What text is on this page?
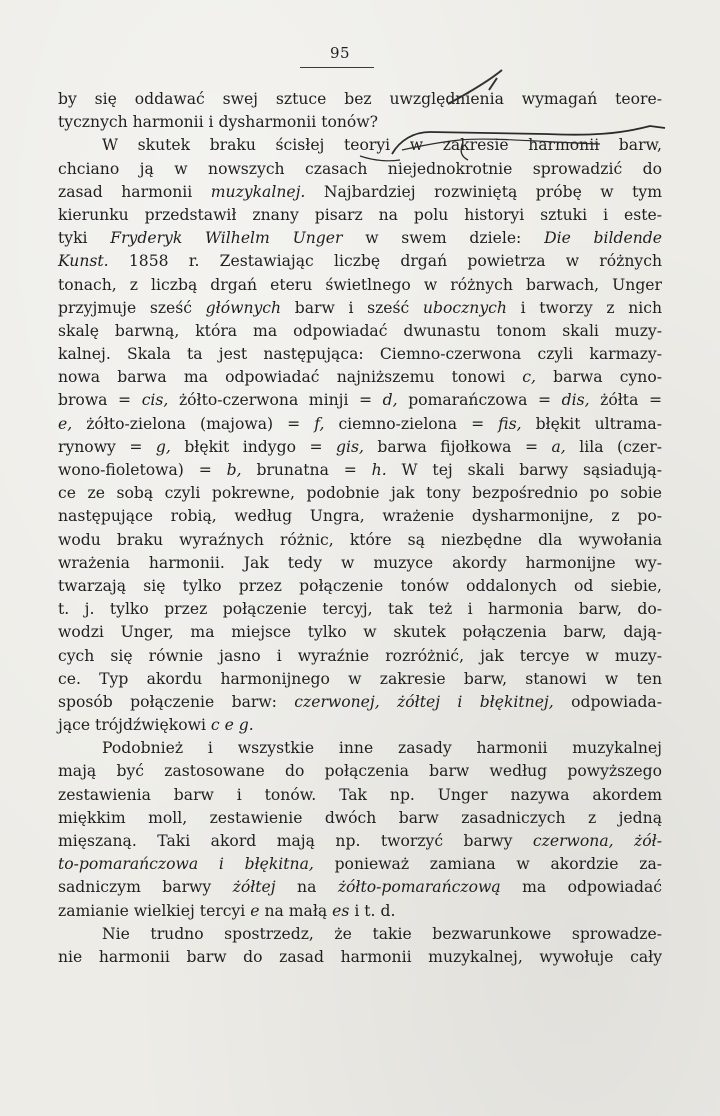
95
by się oddawać swej sztuce bez uwzględnienia wymagań teore-
tycznych harmonii i dysharmonii tonów?
W skutek braku ścisłej teoryi w zakresie harmonii barw,
chciano ją w nowszych czasach niejednokrotnie sprowadzić do
zasad harmonii muzykalnej. Najbardziej rozwiniętą próbę w tym
kierunku przedstawił znany pisarz na polu historyi sztuki i este-
tyki Fryderyk Wilhelm Unger w swem dziele: Die bildende
Kunst. 1858 r. Zestawiając liczbę drgań powietrza w różnych
tonach, z liczbą drgań eteru świetlnego w różnych barwach, Unger
przyjmuje sześć głównych barw i sześć ubocznych i tworzy z nich
skalę barwną, która ma odpowiadać dwunastu tonom skali muzy-
kalnej. Skala ta jest następująca: Ciemno-czerwona czyli karmazy-
nowa barwa ma odpowiadać najniższemu tonowi c, barwa cyno-
browa = cis, żółto-czerwona minji = d, pomarańczowa = dis, żółta =
e, żółto-zielona (majowa) = f, ciemno-zielona = fis, błękit ultrama-
rynowy = g, błękit indygo = gis, barwa fijołkowa = a, lila (czer-
wono-fioletowa) = b, brunatna = h. W tej skali barwy sąsiadują-
ce ze sobą czyli pokrewne, podobnie jak tony bezpośrednio po sobie
następujące robią, według Ungra, wrażenie dysharmonijne, z po-
wodu braku wyraźnych różnic, które są niezbędne dla wywołania
wrażenia harmonii. Jak tedy w muzyce akordy harmonijne wy-
twarzają się tylko przez połączenie tonów oddalonych od siebie,
t. j. tylko przez połączenie tercyj, tak też i harmonia barw, do-
wodzi Unger, ma miejsce tylko w skutek połączenia barw, dają-
cych się równie jasno i wyraźnie rozróżnić, jak tercye w muzy-
ce. Typ akordu harmonijnego w zakresie barw, stanowi w ten
sposób połączenie barw: czerwonej, żółtej i błękitnej, odpowiada-
jące trójdźwiękowi c e g.
Podobnież i wszystkie inne zasady harmonii muzykalnej
mają być zastosowane do połączenia barw według powyższego
zestawienia barw i tonów. Tak np. Unger nazywa akordem
miękkim moll, zestawienie dwóch barw zasadniczych z jedną
mięszaną. Taki akord mają np. tworzyć barwy czerwona, żół-
to-pomarańczowa i błękitna, ponieważ zamiana w akordzie za-
sadniczym barwy żółtej na żółto-pomarańczową ma odpowiadać
zamianie wielkiej tercyi e na małą es i t. d.
Nie trudno spostrzedz, że takie bezwarunkowe sprowadze-
nie harmonii barw do zasad harmonii muzykalnej, wywołuje cały
